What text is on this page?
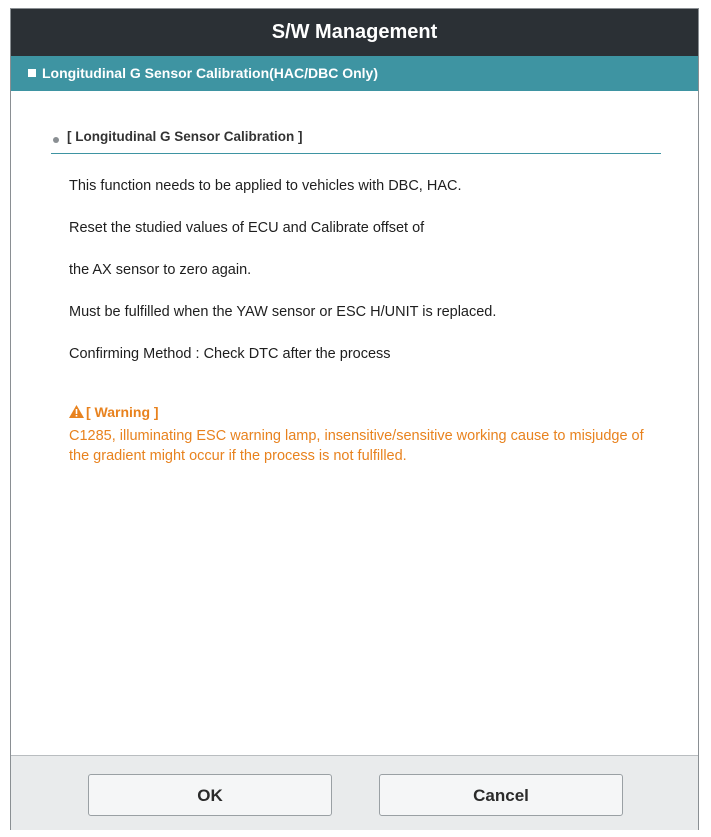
S/W Management
Longitudinal G Sensor Calibration(HAC/DBC Only)
[ Longitudinal G Sensor Calibration ]
This function needs to be applied to vehicles with DBC, HAC.
Reset the studied values of ECU and Calibrate offset of
the AX sensor to zero again.
Must be fulfilled when the YAW sensor or ESC H/UNIT is replaced.
Confirming Method : Check DTC after the process
[ Warning ]
C1285, illuminating ESC warning lamp, insensitive/sensitive working cause to misjudge of the gradient might occur if the process is not fulfilled.
OK	Cancel
